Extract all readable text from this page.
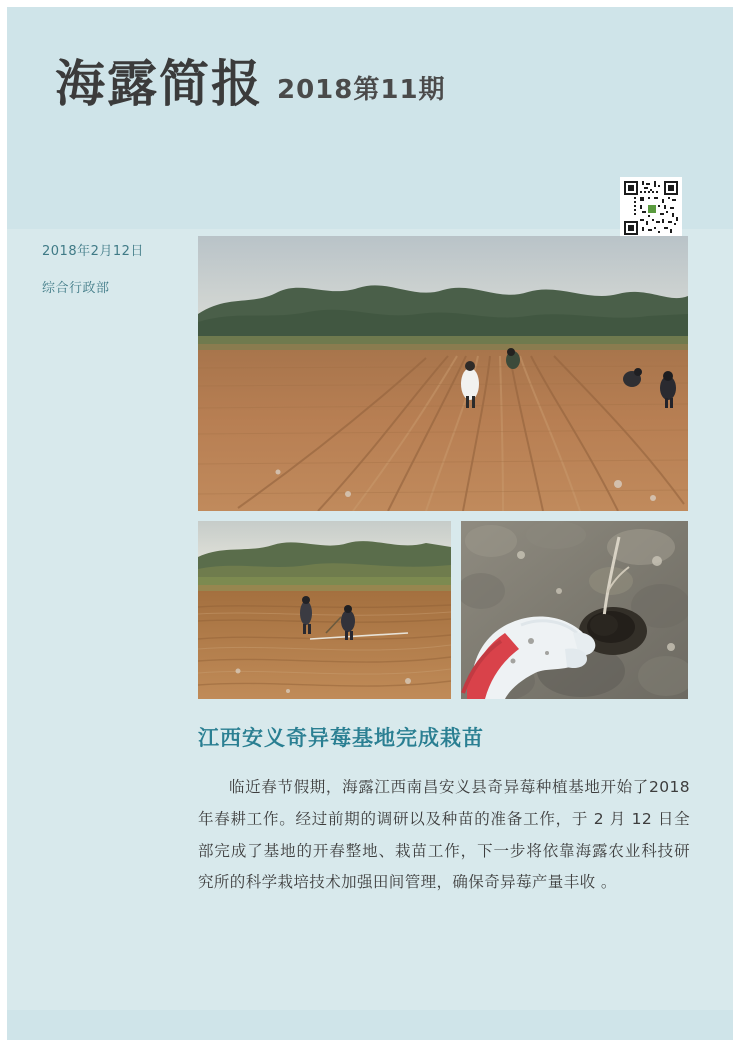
海露简报 2018第11期
2018年2月12日
综合行政部
江西安义奇异莓基地完成栽苗
临近春节假期，海露江西南昌安义县奇异莓种植基地开始了2018 年春耕工作。经过前期的调研以及种苗的准备工作，于 2 月 12 日全部完成了基地的开春整地、栽苗工作，下一步将依靠海露农业科技研究所的科学栽培技术加强田间管理，确保奇异莓产量丰收 。
